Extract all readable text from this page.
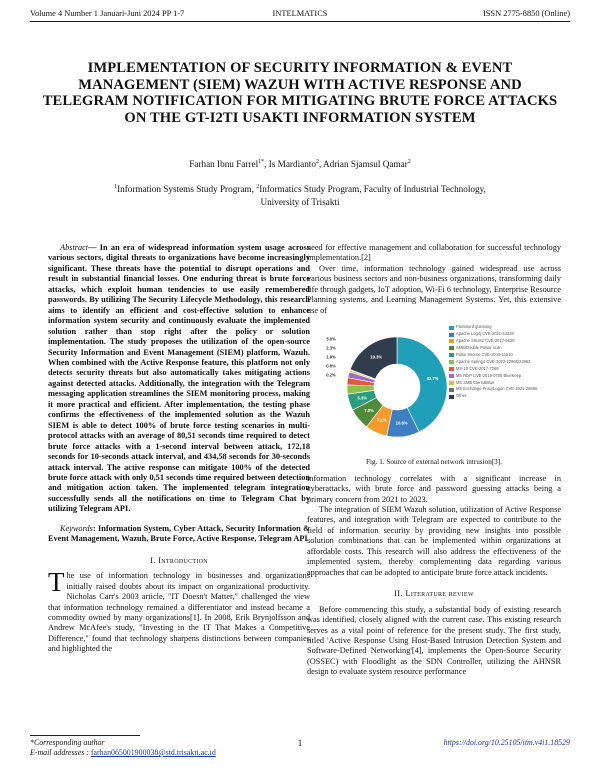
Volume 4 Number 1 Januari-Juni 2024 PP 1-7	INTELMATICS	ISSN 2775-8850 (Online)
IMPLEMENTATION OF SECURITY INFORMATION & EVENT MANAGEMENT (SIEM) WAZUH WITH ACTIVE RESPONSE AND TELEGRAM NOTIFICATION FOR MITIGATING BRUTE FORCE ATTACKS ON THE GT-I2TI USAKTI INFORMATION SYSTEM
Farhan Ibnu Farrel$^{1*}$, Is Mardianto$^2$, Adrian Sjamsul Qamar$^2$
$^1$Information Systems Study Program, $^2$Informatics Study Program, Faculty of Industrial Technology, University of Trisakti

Abstract— In an era of widespread information system usage across various sectors, digital threats to organizations have become increasingly significant. These threats have the potential to disrupt operations and result in substantial financial losses. One enduring threat is brute force attacks, which exploit human tendencies to use easily remembered passwords. By utilizing The Security Lifecycle Methodology, this research aims to identify an efficient and cost-effective solution to enhance information system security and continuously evaluate the implemented solution rather than stop right after the policy or solution implementation. The study proposes the utilization of the open-source Security Information and Event Management (SIEM) platform, Wazuh. When combined with the Active Response feature, this platform not only detects security threats but also automatically takes mitigating actions against detected attacks. Additionally, the integration with the Telegram messaging application streamlines the SIEM monitoring process, making it more practical and efficient. After implementation, the testing phase confirms the effectiveness of the implemented solution as the Wazuh SIEM is able to detect 100% of brute force testing scenarios in multi-protocol attacks with an average of 80,51 seconds time required to detect brute force attacks with a 1-second interval between attack, 172,18 seconds for 10-seconds attack interval, and 434,58 seconds for 30-seconds attack interval. The active response can mitigate 100% of the detected brute force attack with only 0,51 seconds time required between detection and mitigation action taken. The implemented telegram integration successfully sends all the notifications on time to Telegram Chat by utilizing Telegram API.

Keywords: Information System, Cyber Attack, Security Information & Event Management, Wazuh, Brute Force, Active Response, Telegram API

I. Introduction

The use of information technology in businesses and organizations initially raised doubts about its impact on organizational productivity. Nicholas Carr's 2003 article, "IT Doesn't Matter," challenged the view that information technology remained a differentiator and instead became a commodity owned by many organizations[1]. In 2008, Erik Brynjolfsson and Andrew McAfee's study, "Investing in the IT That Makes a Competitive Difference," found that technology sharpens distinctions between companies and highlighted the

need for effective management and collaboration for successful technology implementation.[2]

Over time, information technology gained widespread use across various business sectors and non-business organizations, transforming daily life through gadgets, IoT adoption, Wi-Fi 6 technology, Enterprise Resource Planning systems, and Learning Management Systems. Yet, this extensive use of

42.7%
10.6%
7.1%
7.0%
5.3%
3.0%
2.3%
1.9%
0.6%
0.2%
19.3%
Password guessing
Apache Log4j CVE-2021-44228
Apache Struts2 CVE-2017-5638
SMB/Double Pulsar scan
Pulse Secure CVE-2019-11510
Apache Spring4 CVE-2022-22965/22963
MS-10 CVE-2017-7269
MS RDP CVE-2019-0708 BlueKeep
MS SMB EternalBlue
MS Exchange ProxyLogon CVE-2021-26855
Other
Fig. 1. Source of external network intrusion[3].

information technology correlates with a significant increase in cyberattacks, with brute force and password guessing attacks being a primary concern from 2021 to 2023.

The integration of SIEM Wazuh solution, utilization of Active Response features, and integration with Telegram are expected to contribute to the field of information security by providing new insights into possible solution combinations that can be implemented within organizations at affordable costs. This research will also address the effectiveness of the implemented system, thereby complementing data regarding various approaches that can be adopted to anticipate brute force attack incidents.

II. Literature review

Before commencing this study, a substantial body of existing research was identified, closely aligned with the current case. This existing research serves as a vital point of reference for the present study. The first study, titled 'Active Response Using Host-Based Intrusion Detection System and Software-Defined Networking'[4], implements the Open-Source Security (OSSEC) with Floodlight as the SDN Controller, utilizing the AHNSR design to evaluate system resource performance

*Corresponding author
E-mail addresses : farhan065001900038@std.trisakti.ac.id
1	https://doi.org/10.25105/itm.v4i1.18529
